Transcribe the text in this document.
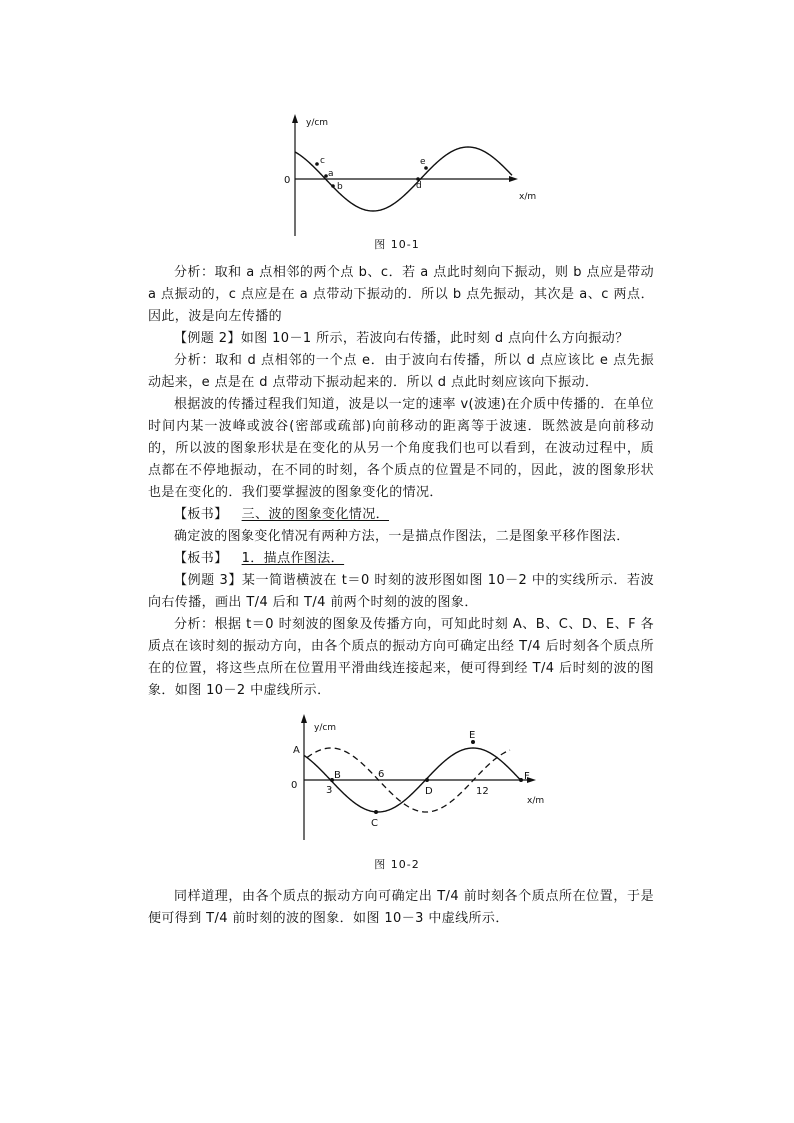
y/cm
0
x/m
c
a
b	d
e
图 10-1

分析：取和 a 点相邻的两个点 b、c．若 a 点此时刻向下振动，则 b 点应是带动 a 点振动的，c 点应是在 a 点带动下振动的．所以 b 点先振动，其次是 a、c 两点．因此，波是向左传播的

【例题 2】如图 10－1 所示，若波向右传播，此时刻 d 点向什么方向振动？

分析：取和 d 点相邻的一个点 e．由于波向右传播，所以 d 点应该比 e 点先振动起来，e 点是在 d 点带动下振动起来的．所以 d 点此时刻应该向下振动．

根据波的传播过程我们知道，波是以一定的速率 v(波速)在介质中传播的．在单位时间内某一波峰或波谷(密部或疏部)向前移动的距离等于波速．既然波是向前移动的，所以波的图象形状是在变化的从另一个角度我们也可以看到，在波动过程中，质点都在不停地振动，在不同的时刻，各个质点的位置是不同的，因此，波的图象形状也是在变化的．我们要掌握波的图象变化的情况．

【板书】 三、波的图象变化情况．

确定波的图象变化情况有两种方法，一是描点作图法，二是图象平移作图法．

【板书】 1．描点作图法．

【例题 3】某一简谐横波在 t＝0 时刻的波形图如图 10－2 中的实线所示．若波向右传播，画出 T/4 后和 T/4 前两个时刻的波的图象．

分析：根据 t＝0 时刻波的图象及传播方向，可知此时刻 A、B、C、D、E、F 各质点在该时刻的振动方向，由各个质点的振动方向可确定出经 T/4 后时刻各个质点所在的位置，将这些点所在位置用平滑曲线连接起来，便可得到经 T/4 后时刻的波的图象．如图 10－2 中虚线所示．

y/cm
A
0
x/m
B
C
D
E
F
3
6
12
图 10-2

同样道理，由各个质点的振动方向可确定出 T/4 前时刻各个质点所在位置，于是便可得到 T/4 前时刻的波的图象．如图 10－3 中虚线所示．
